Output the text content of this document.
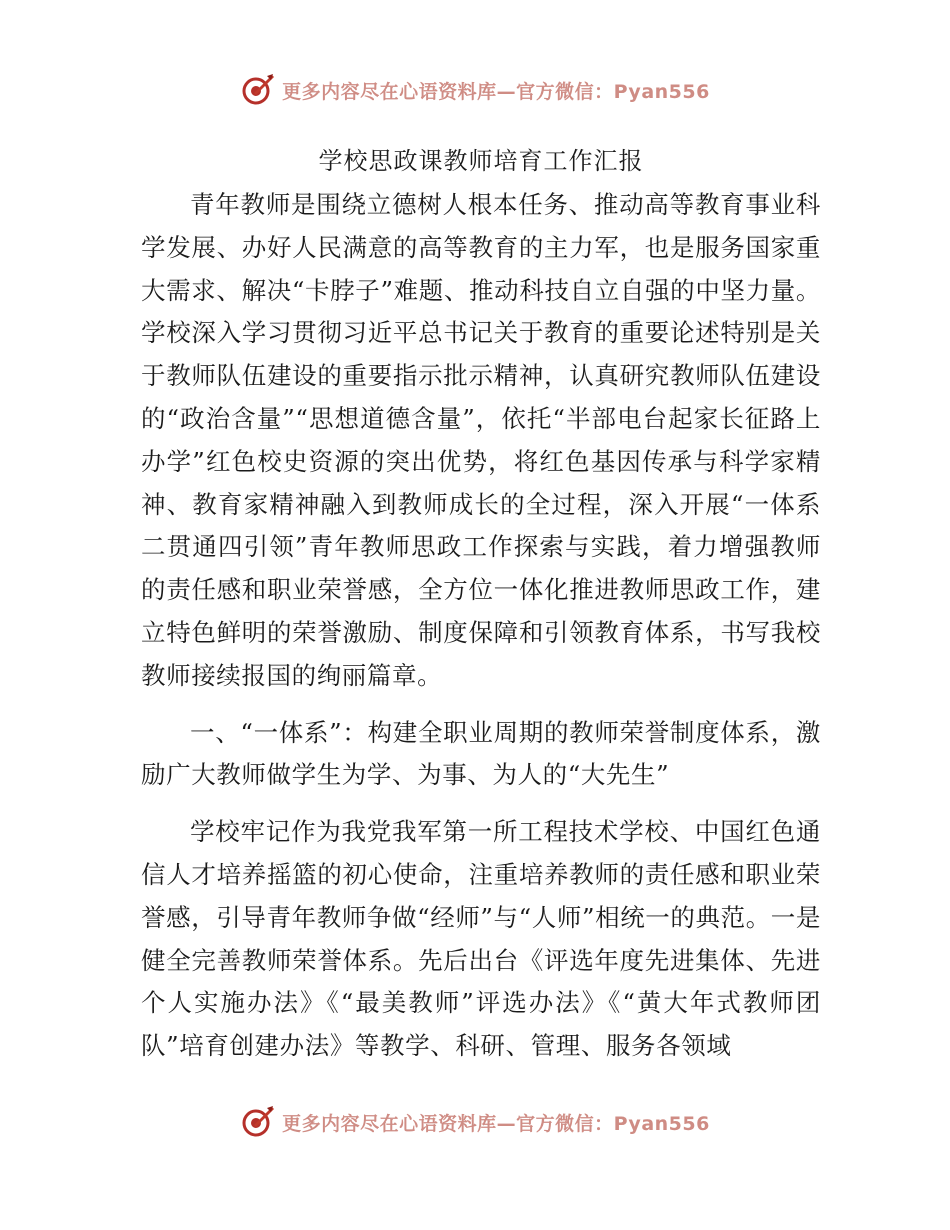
更多内容尽在心语资料库—官方微信：Pyan556
学校思政课教师培育工作汇报

青年教师是围绕立德树人根本任务、推动高等教育事业科学发展、办好人民满意的高等教育的主力军，也是服务国家重大需求、解决“卡脖子”难题、推动科技自立自强的中坚力量。学校深入学习贯彻习近平总书记关于教育的重要论述特别是关于教师队伍建设的重要指示批示精神，认真研究教师队伍建设的“政治含量”“思想道德含量”，依托“半部电台起家长征路上办学”红色校史资源的突出优势，将红色基因传承与科学家精神、教育家精神融入到教师成长的全过程，深入开展“一体系二贯通四引领”青年教师思政工作探索与实践，着力增强教师的责任感和职业荣誉感，全方位一体化推进教师思政工作，建立特色鲜明的荣誉激励、制度保障和引领教育体系，书写我校教师接续报国的绚丽篇章。

一、“一体系”：构建全职业周期的教师荣誉制度体系，激励广大教师做学生为学、为事、为人的“大先生”

学校牢记作为我党我军第一所工程技术学校、中国红色通信人才培养摇篮的初心使命，注重培养教师的责任感和职业荣誉感，引导青年教师争做“经师”与“人师”相统一的典范。一是健全完善教师荣誉体系。先后出台《评选年度先进集体、先进个人实施办法》《“最美教师”评选办法》《“黄大年式教师团队”培育创建办法》等教学、科研、管理、服务各领域

更多内容尽在心语资料库—官方微信：Pyan556
